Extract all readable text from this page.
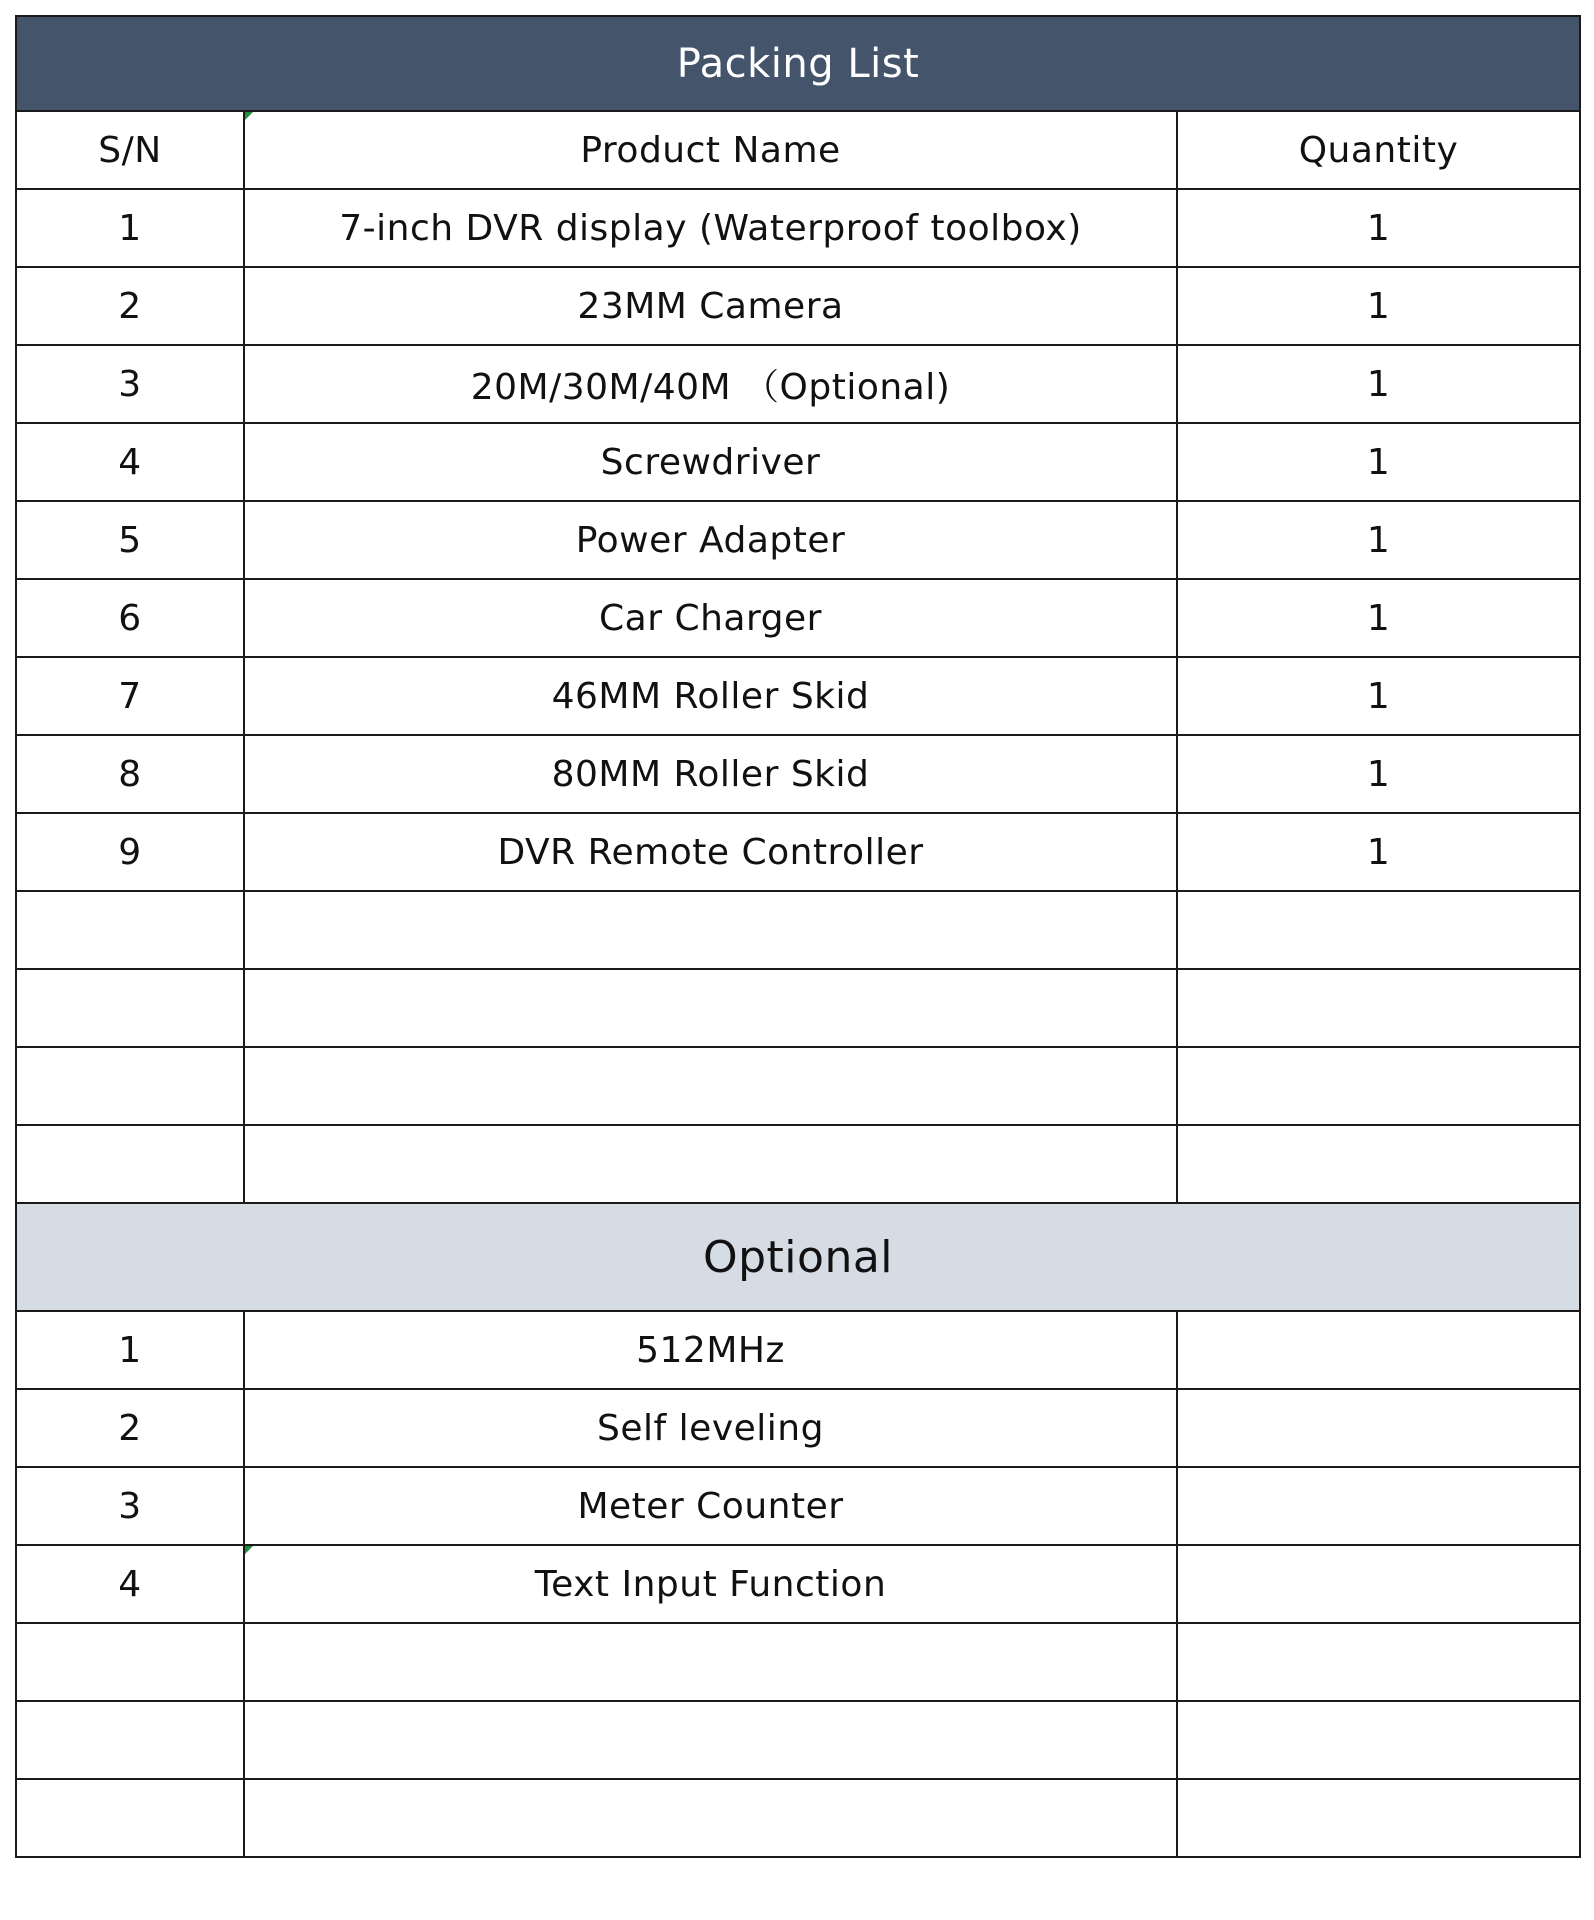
Packing List		
S/N	Product Name	Quantity
1	7-inch DVR display (Waterproof toolbox)	1
2	23MM Camera	1
3	20M/30M/40M （Optional)	1
4	Screwdriver	1
5	Power Adapter	1
6	Car Charger	1
7	46MM Roller Skid	1
8	80MM Roller Skid	1
9	DVR Remote Controller	1

Optional		
1	512MHz	
2	Self leveling	
3	Meter Counter	
4	Text Input Function	
